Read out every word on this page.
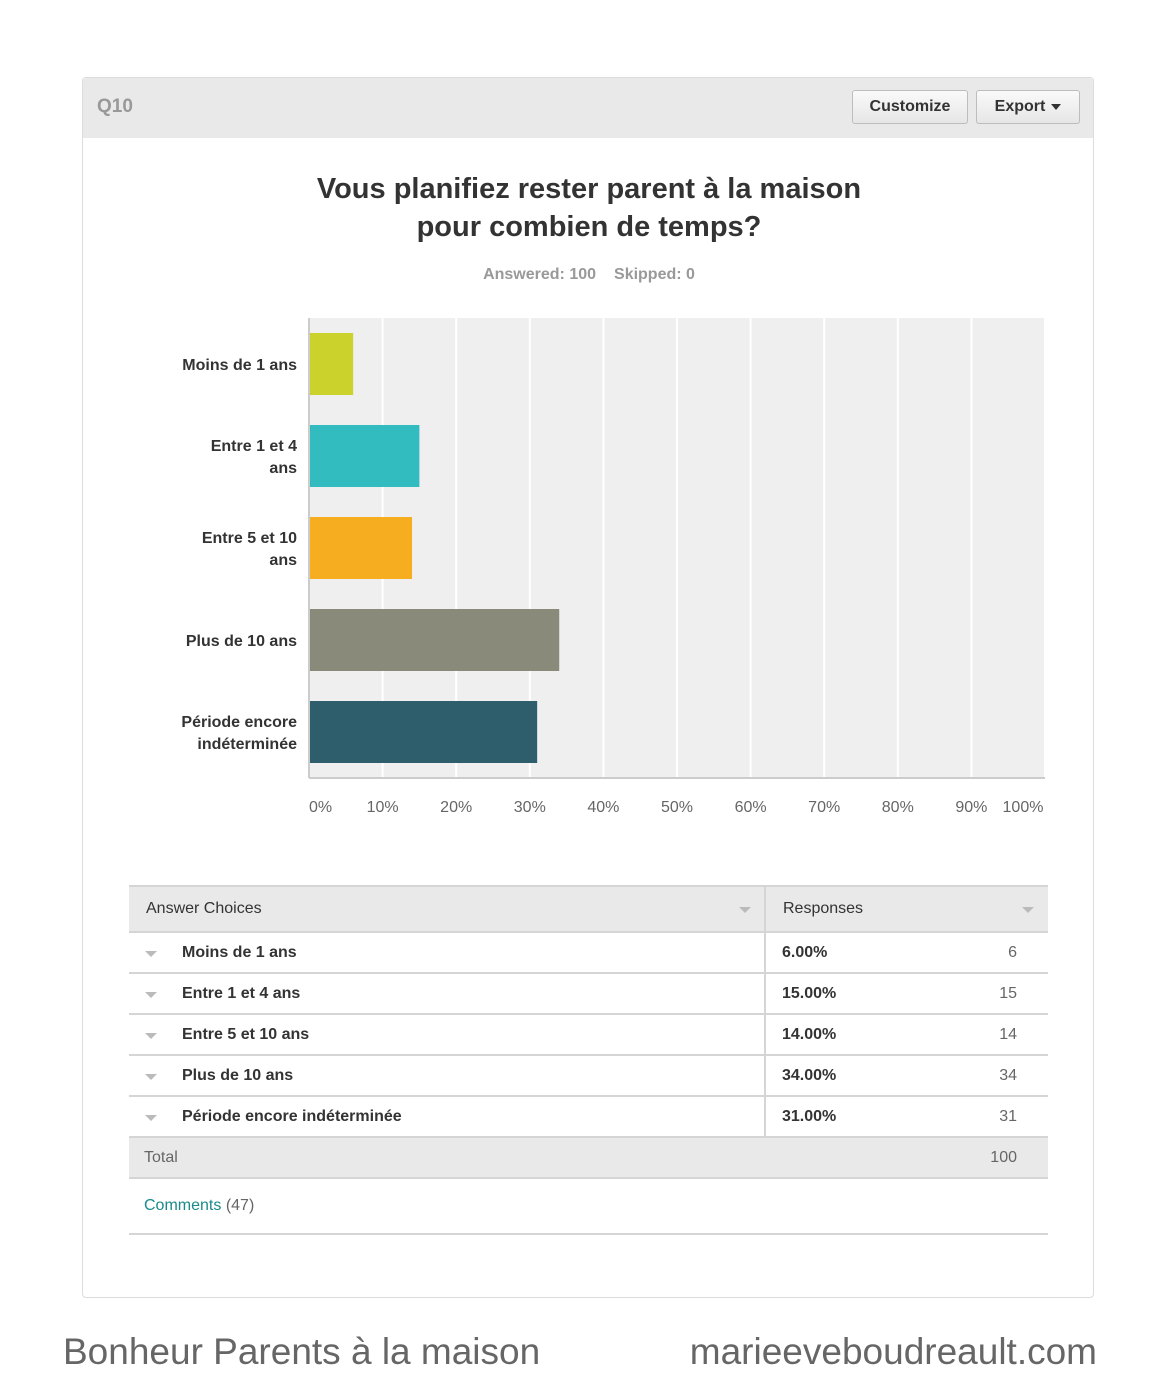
Q10	Customize	Export
Vous planifiez rester parent à la maison
pour combien de temps?
Answered: 100 Skipped: 0
0% 10%	20%	30%	40%	50%	60%	70%	80%	90% 100%
Moins de 1 ans
Entre 1 et 4
ans
Entre 5 et 10
ans
Plus de 10 ans
Période encore
indéterminée
Answer Choices	Responses

Moins de 1 ans	6.00% 6

Entre 1 et 4 ans	15.00% 15

Entre 5 et 10 ans	14.00% 14

Plus de 10 ans	34.00% 34

Période encore indéterminée	31.00% 31

Total	100
Comments (47)	
Bonheur Parents à la maison	marieeveboudreault.com
